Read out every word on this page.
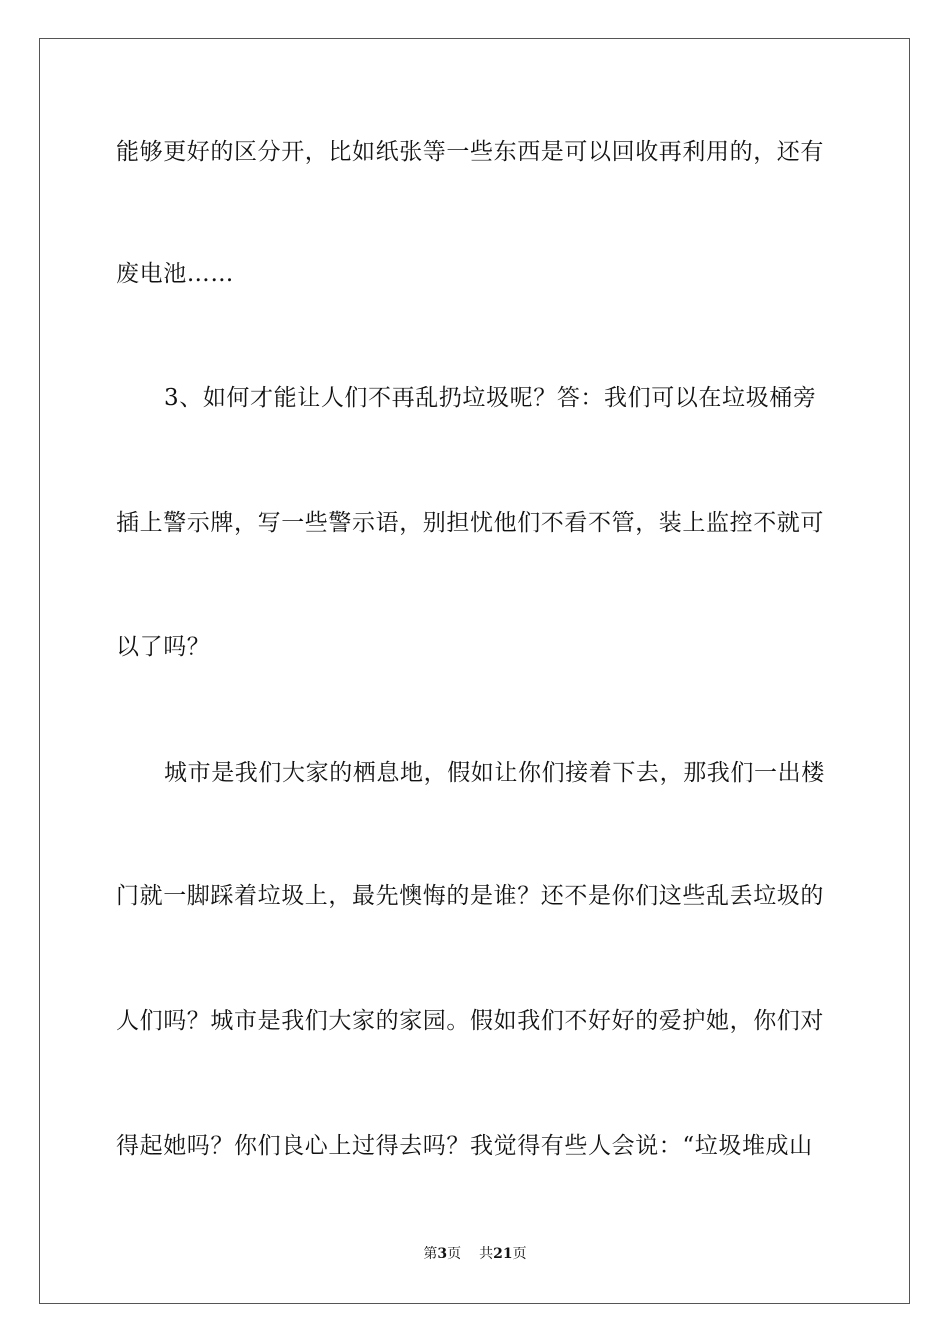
能够更好的区分开，比如纸张等一些东西是可以回收再利用的，还有
废电池……
3、如何才能让人们不再乱扔垃圾呢？答：我们可以在垃圾桶旁
插上警示牌，写一些警示语，别担忧他们不看不管，装上监控不就可
以了吗？
城市是我们大家的栖息地，假如让你们接着下去，那我们一出楼
门就一脚踩着垃圾上，最先懊悔的是谁？还不是你们这些乱丢垃圾的
人们吗？城市是我们大家的家园。假如我们不好好的爱护她，你们对
得起她吗？你们良心上过得去吗？我觉得有些人会说：“垃圾堆成山
第3页 共21页
